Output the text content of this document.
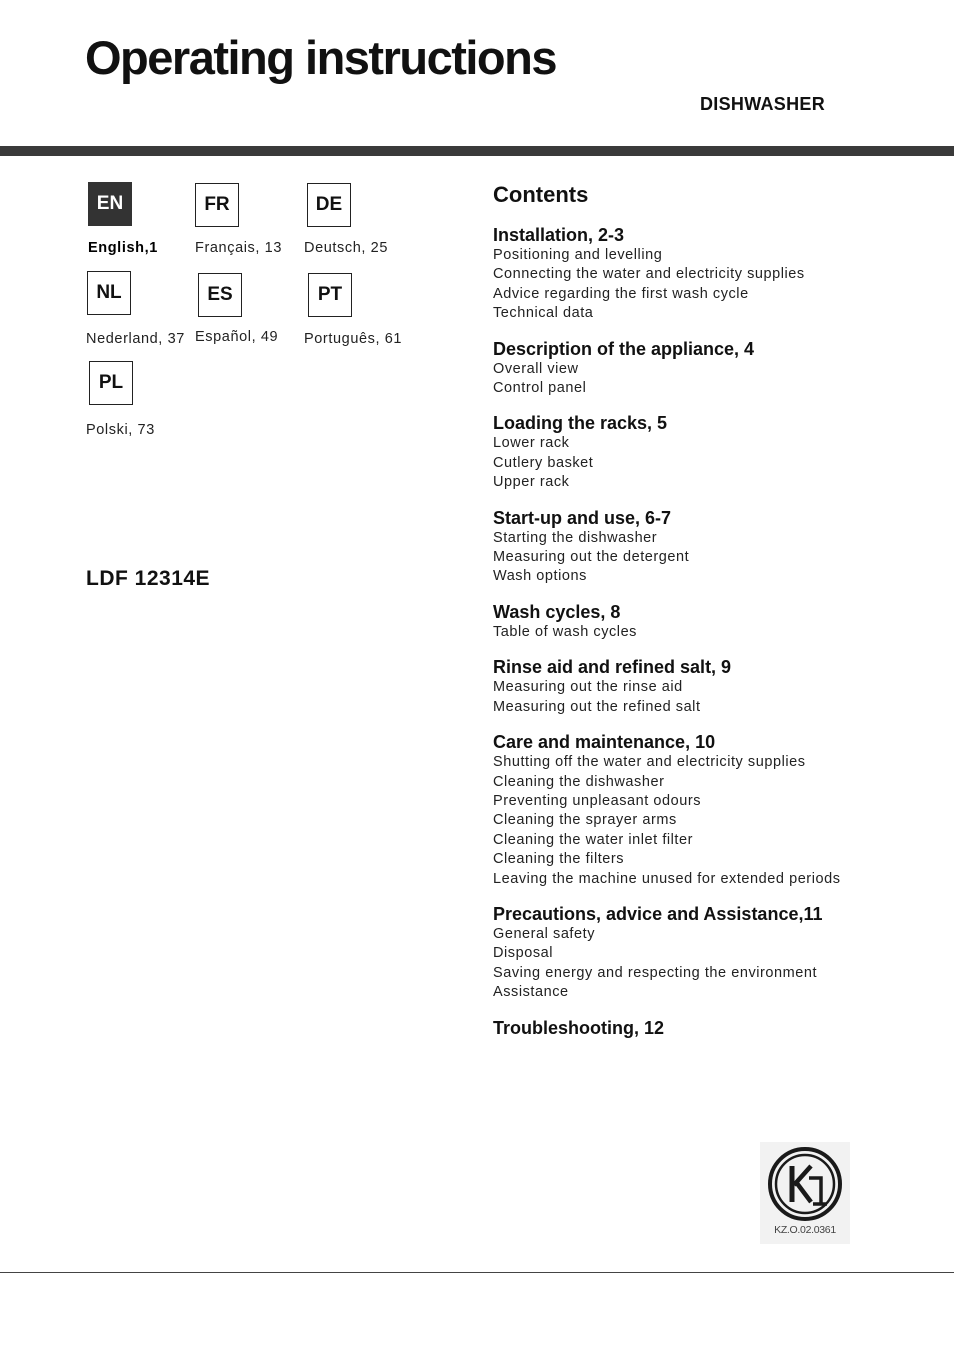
Operating instructions
DISHWASHER
EN
English,1
FR
Français, 13
DE
Deutsch, 25
NL
Nederland, 37
ES
Español, 49
PT
Português, 61
PL
Polski, 73
LDF 12314E
Contents
Installation, 2-3
Positioning and levelling
Connecting the water and electricity supplies
Advice regarding the first wash cycle
Technical data
Description of the appliance, 4
Overall view
Control panel
Loading the racks, 5
Lower rack
Cutlery basket
Upper rack
Start-up and use, 6-7
Starting the dishwasher
Measuring out the detergent
Wash options
Wash cycles, 8
Table of wash cycles
Rinse aid and refined salt, 9
Measuring out the rinse aid
Measuring out the refined salt
Care and maintenance, 10
Shutting off the water and electricity supplies
Cleaning the dishwasher
Preventing unpleasant odours
Cleaning the sprayer arms
Cleaning the water inlet filter
Cleaning the filters
Leaving the machine unused for extended periods
Precautions, advice and Assistance,11
General safety
Disposal
Saving energy and respecting the environment
Assistance
Troubleshooting, 12
KZ.O.02.0361
